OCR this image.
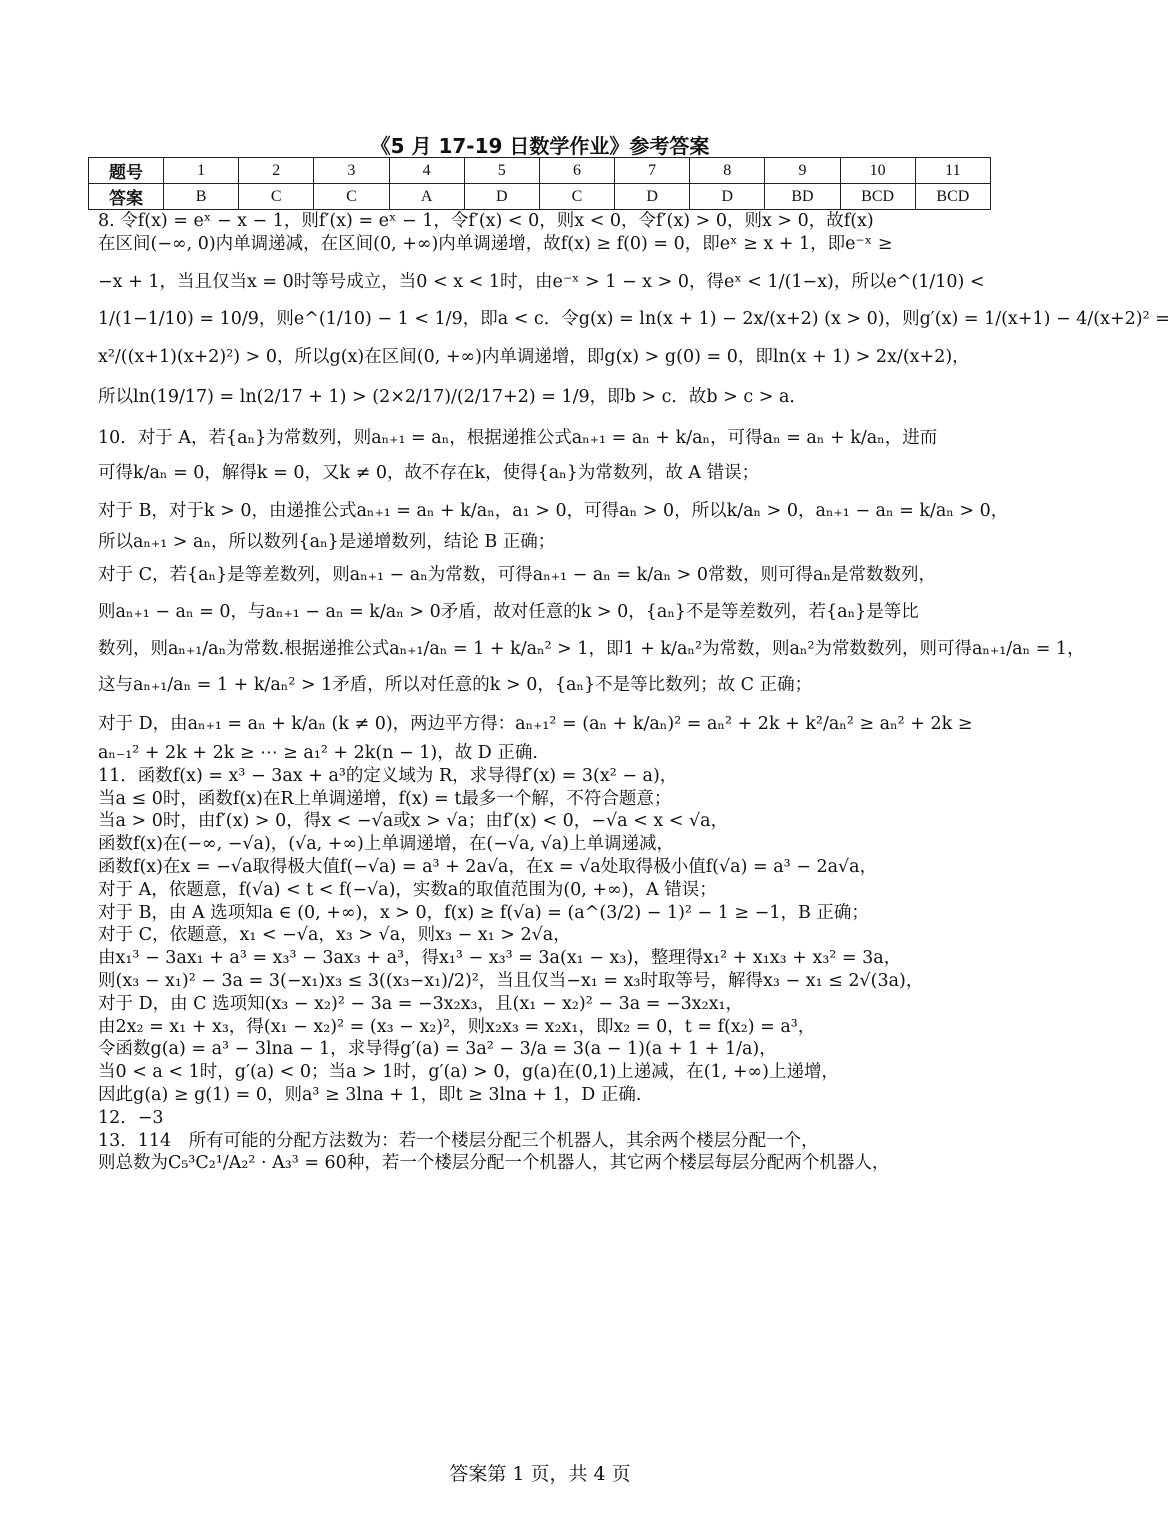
《5 月 17-19 日数学作业》参考答案
题号	1	2	3	4	5	6	7	8	9	10	11
答案	B	C	C	A	D	C	D	D	BD	BCD	BCD
8. 令f(x) = eˣ − x − 1，则f′(x) = eˣ − 1，令f′(x) < 0，则x < 0，令f′(x) > 0，则x > 0，故f(x)
在区间(−∞, 0)内单调递减，在区间(0, +∞)内单调递增，故f(x) ≥ f(0) = 0，即eˣ ≥ x + 1，即e⁻ˣ ≥
−x + 1，当且仅当x = 0时等号成立，当0 < x < 1时，由e⁻ˣ > 1 − x > 0，得eˣ < 1/(1−x)，所以e^(1/10) <
1/(1−1/10) = 10/9，则e^(1/10) − 1 < 1/9，即a < c．令g(x) = ln(x + 1) − 2x/(x+2) (x > 0)，则g′(x) = 1/(x+1) − 4/(x+2)² =
x²/((x+1)(x+2)²) > 0，所以g(x)在区间(0, +∞)内单调递增，即g(x) > g(0) = 0，即ln(x + 1) > 2x/(x+2)，
所以ln(19/17) = ln(2/17 + 1) > (2×2/17)/(2/17+2) = 1/9，即b > c．故b > c > a．
10．对于 A，若{aₙ}为常数列，则aₙ₊₁ = aₙ，根据递推公式aₙ₊₁ = aₙ + k/aₙ，可得aₙ = aₙ + k/aₙ，进而
可得k/aₙ = 0，解得k = 0，又k ≠ 0，故不存在k，使得{aₙ}为常数列，故 A 错误；
对于 B，对于k > 0，由递推公式aₙ₊₁ = aₙ + k/aₙ，a₁ > 0，可得aₙ > 0，所以k/aₙ > 0，aₙ₊₁ − aₙ = k/aₙ > 0，
所以aₙ₊₁ > aₙ，所以数列{aₙ}是递增数列，结论 B 正确；
对于 C，若{aₙ}是等差数列，则aₙ₊₁ − aₙ为常数，可得aₙ₊₁ − aₙ = k/aₙ > 0常数，则可得aₙ是常数数列，
则aₙ₊₁ − aₙ = 0，与aₙ₊₁ − aₙ = k/aₙ > 0矛盾，故对任意的k > 0，{aₙ}不是等差数列，若{aₙ}是等比
数列，则aₙ₊₁/aₙ为常数.根据递推公式aₙ₊₁/aₙ = 1 + k/aₙ² > 1，即1 + k/aₙ²为常数，则aₙ²为常数数列，则可得aₙ₊₁/aₙ = 1，
这与aₙ₊₁/aₙ = 1 + k/aₙ² > 1矛盾，所以对任意的k > 0，{aₙ}不是等比数列；故 C 正确；
对于 D，由aₙ₊₁ = aₙ + k/aₙ (k ≠ 0)，两边平方得：aₙ₊₁² = (aₙ + k/aₙ)² = aₙ² + 2k + k²/aₙ² ≥ aₙ² + 2k ≥
aₙ₋₁² + 2k + 2k ≥ ⋯ ≥ a₁² + 2k(n − 1)，故 D 正确.
11．函数f(x) = x³ − 3ax + a³的定义域为 R，求导得f′(x) = 3(x² − a)，
当a ≤ 0时，函数f(x)在R上单调递增，f(x) = t最多一个解，不符合题意；
当a > 0时，由f′(x) > 0，得x < −√a或x > √a；由f′(x) < 0，−√a < x < √a，
函数f(x)在(−∞, −√a)，(√a, +∞)上单调递增，在(−√a, √a)上单调递减，
函数f(x)在x = −√a取得极大值f(−√a) = a³ + 2a√a，在x = √a处取得极小值f(√a) = a³ − 2a√a，
对于 A，依题意，f(√a) < t < f(−√a)，实数a的取值范围为(0, +∞)，A 错误；
对于 B，由 A 选项知a ∈ (0, +∞)，x > 0，f(x) ≥ f(√a) = (a^(3/2) − 1)² − 1 ≥ −1，B 正确；
对于 C，依题意，x₁ < −√a，x₃ > √a，则x₃ − x₁ > 2√a，
由x₁³ − 3ax₁ + a³ = x₃³ − 3ax₃ + a³，得x₁³ − x₃³ = 3a(x₁ − x₃)，整理得x₁² + x₁x₃ + x₃² = 3a，
则(x₃ − x₁)² − 3a = 3(−x₁)x₃ ≤ 3((x₃−x₁)/2)²，当且仅当−x₁ = x₃时取等号，解得x₃ − x₁ ≤ 2√(3a)，
对于 D，由 C 选项知(x₃ − x₂)² − 3a = −3x₂x₃，且(x₁ − x₂)² − 3a = −3x₂x₁，
由2x₂ = x₁ + x₃，得(x₁ − x₂)² = (x₃ − x₂)²，则x₂x₃ = x₂x₁，即x₂ = 0，t = f(x₂) = a³，
令函数g(a) = a³ − 3lna − 1，求导得g′(a) = 3a² − 3/a = 3(a − 1)(a + 1 + 1/a)，
当0 < a < 1时，g′(a) < 0；当a > 1时，g′(a) > 0，g(a)在(0,1)上递减，在(1, +∞)上递增，
因此g(a) ≥ g(1) = 0，则a³ ≥ 3lna + 1，即t ≥ 3lna + 1，D 正确.
12．−3
13．114　所有可能的分配方法数为：若一个楼层分配三个机器人，其余两个楼层分配一个，
则总数为C₅³C₂¹/A₂² · A₃³ = 60种，若一个楼层分配一个机器人，其它两个楼层每层分配两个机器人，
答案第 1 页，共 4 页
